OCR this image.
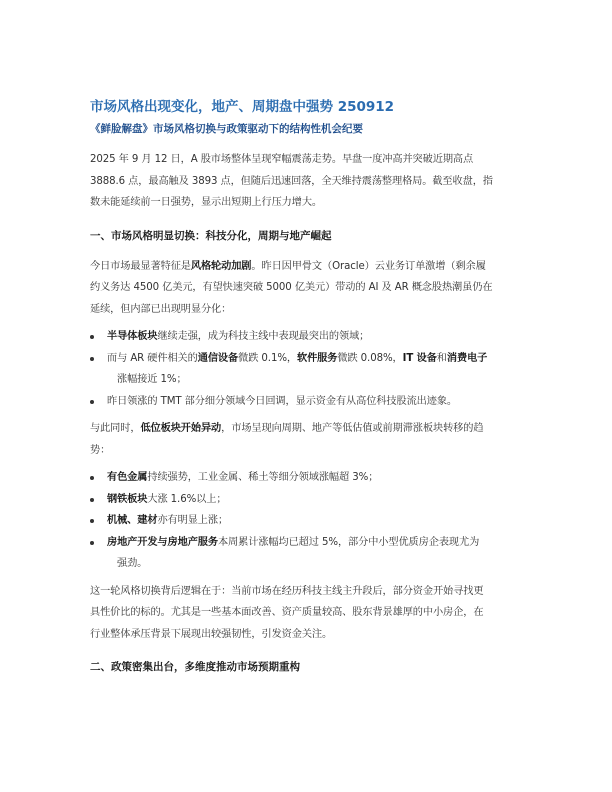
市场风格出现变化，地产、周期盘中强势 250912
《鲜脸解盘》市场风格切换与政策驱动下的结构性机会纪要

2025 年 9 月 12 日，A 股市场整体呈现窄幅震荡走势。早盘一度冲高并突破近期高点
3888.6 点，最高触及 3893 点，但随后迅速回落，全天维持震荡整理格局。截至收盘，指
数未能延续前一日强势，显示出短期上行压力增大。

一、市场风格明显切换：科技分化，周期与地产崛起

今日市场最显著特征是风格轮动加剧。昨日因甲骨文（Oracle）云业务订单激增（剩余履
约义务达 4500 亿美元，有望快速突破 5000 亿美元）带动的 AI 及 AR 概念股热潮虽仍在
延续，但内部已出现明显分化：

半导体板块继续走强，成为科技主线中表现最突出的领域；
而与 AR 硬件相关的通信设备微跌 0.1%，软件服务微跌 0.08%，IT 设备和消费电子
涨幅接近 1%；
昨日领涨的 TMT 部分细分领域今日回调，显示资金有从高位科技股流出迹象。

与此同时，低位板块开始异动，市场呈现向周期、地产等低估值或前期滞涨板块转移的趋
势：

有色金属持续强势，工业金属、稀土等细分领域涨幅超 3%；
钢铁板块大涨 1.6%以上；
机械、建材亦有明显上涨；
房地产开发与房地产服务本周累计涨幅均已超过 5%，部分中小型优质房企表现尤为
强劲。

这一轮风格切换背后逻辑在于：当前市场在经历科技主线主升段后，部分资金开始寻找更
具性价比的标的。尤其是一些基本面改善、资产质量较高、股东背景雄厚的中小房企，在
行业整体承压背景下展现出较强韧性，引发资金关注。

二、政策密集出台，多维度推动市场预期重构
